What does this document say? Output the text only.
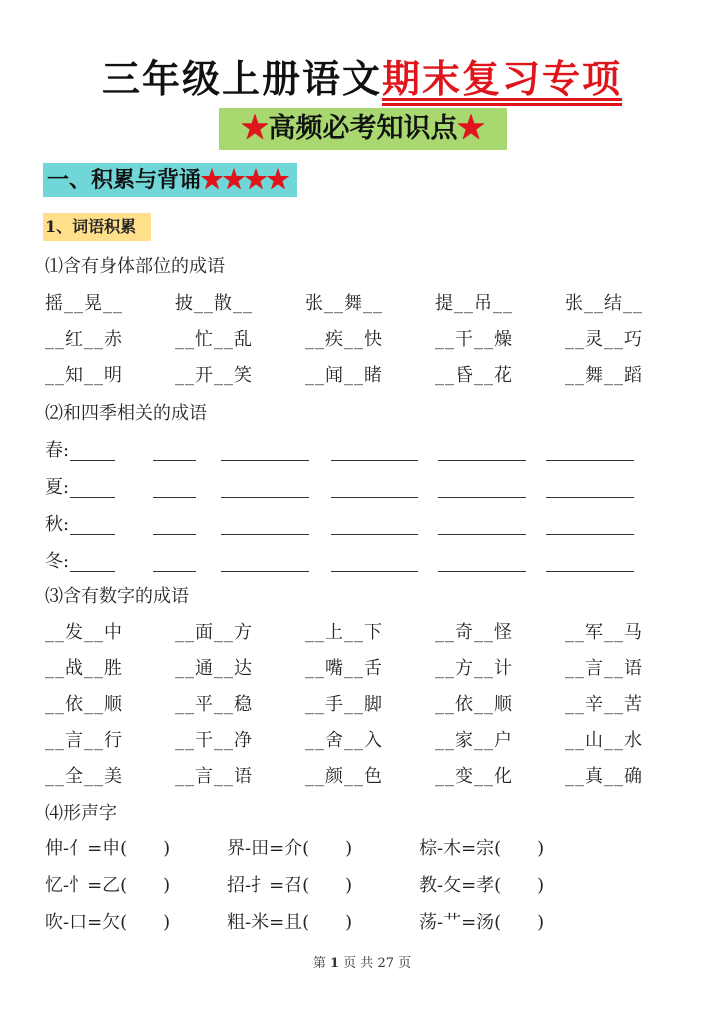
三年级上册语文期末复习专项
★高频必考知识点★
一、积累与背诵★★★★
1、词语积累
⑴含有身体部位的成语
摇__晃__	披__散__	张__舞__	提__吊__	张__结__
__红__赤	__忙__乱	__疾__快	__干__燥	__灵__巧
__知__明	__开__笑	__闻__睹	__昏__花	__舞__蹈
⑵和四季相关的成语
春:
夏:
秋:
冬:
⑶含有数字的成语
__发__中	__面__方	__上__下	__奇__怪	__军__马
__战__胜	__通__达	__嘴__舌	__方__计	__言__语
__依__顺	__平__稳	__手__脚	__依__顺	__辛__苦
__言__行	__干__净	__舍__入	__家__户	__山__水
__全__美	__言__语	__颜__色	__变__化	__真__确
⑷形声字
伸-亻=申(　　)	界-田=介(　　)	棕-木=宗(　　)
忆-忄=乙(　　)	招-扌=召(　　)	教-攵=孝(　　)
吹-口=欠(　　)	粗-米=且(　　)	荡-艹=汤(　　)
第 1 页 共 27 页
